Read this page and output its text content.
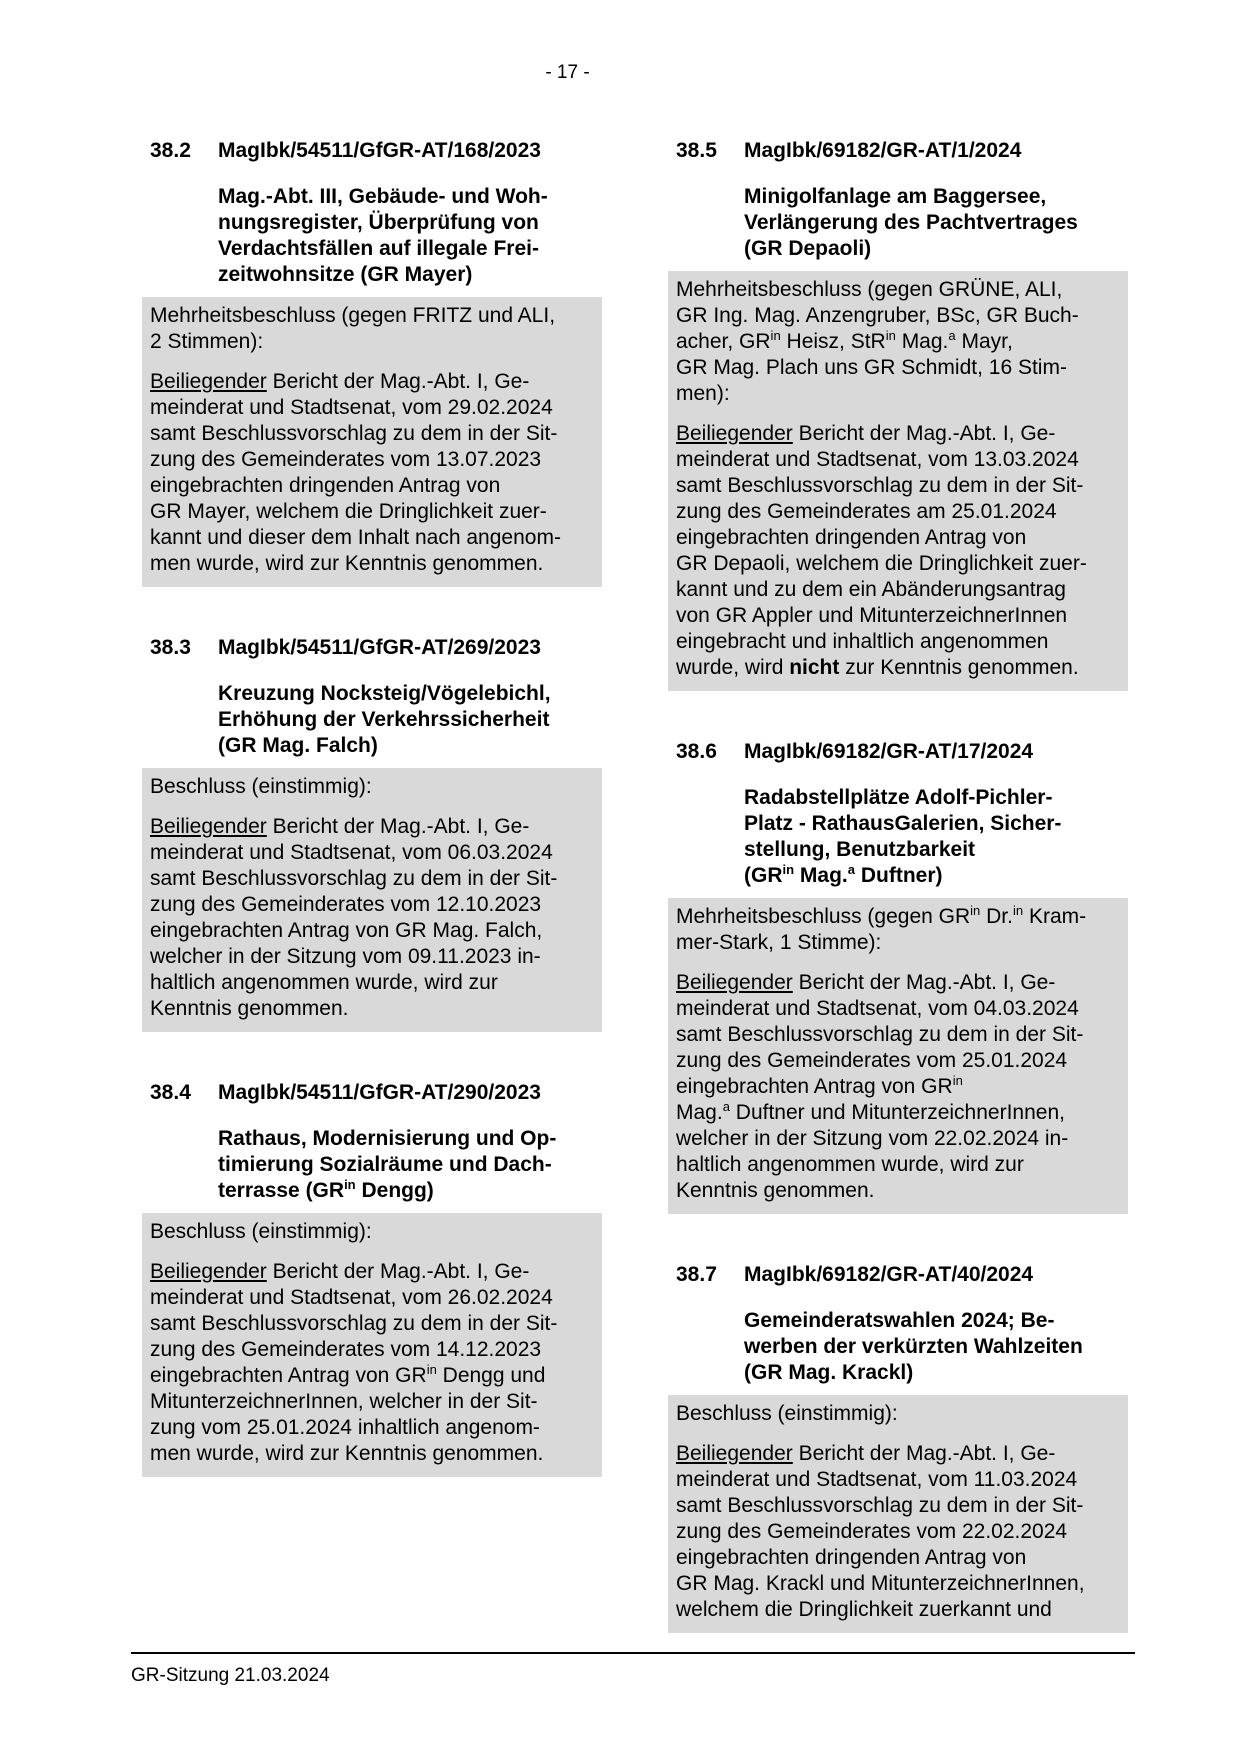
- 17 -
38.2	MagIbk/54511/GfGR-AT/168/2023
Mag.-Abt. III, Gebäude- und Woh-
nungsregister, Überprüfung von
Verdachtsfällen auf illegale Frei-
zeitwohnsitze (GR Mayer)
Mehrheitsbeschluss (gegen FRITZ und ALI,
2 Stimmen):
Beiliegender Bericht der Mag.-Abt. I, Ge-
meinderat und Stadtsenat, vom 29.02.2024
samt Beschlussvorschlag zu dem in der Sit-
zung des Gemeinderates vom 13.07.2023
eingebrachten dringenden Antrag von
GR Mayer, welchem die Dringlichkeit zuer-
kannt und dieser dem Inhalt nach angenom-
men wurde, wird zur Kenntnis genommen.
38.3	MagIbk/54511/GfGR-AT/269/2023
Kreuzung Nocksteig/Vögelebichl,
Erhöhung der Verkehrssicherheit
(GR Mag. Falch)
Beschluss (einstimmig):
Beiliegender Bericht der Mag.-Abt. I, Ge-
meinderat und Stadtsenat, vom 06.03.2024
samt Beschlussvorschlag zu dem in der Sit-
zung des Gemeinderates vom 12.10.2023
eingebrachten Antrag von GR Mag. Falch,
welcher in der Sitzung vom 09.11.2023 in-
haltlich angenommen wurde, wird zur
Kenntnis genommen.
38.4	MagIbk/54511/GfGR-AT/290/2023
Rathaus, Modernisierung und Op-
timierung Sozialräume und Dach-
terrasse ($GR^{in}$ Dengg)
Beschluss (einstimmig):
Beiliegender Bericht der Mag.-Abt. I, Ge-
meinderat und Stadtsenat, vom 26.02.2024
samt Beschlussvorschlag zu dem in der Sit-
zung des Gemeinderates vom 14.12.2023
eingebrachten Antrag von $GR^{in}$ Dengg und
MitunterzeichnerInnen, welcher in der Sit-
zung vom 25.01.2024 inhaltlich angenom-
men wurde, wird zur Kenntnis genommen.
38.5	MagIbk/69182/GR-AT/1/2024
Minigolfanlage am Baggersee,
Verlängerung des Pachtvertrages
(GR Depaoli)
Mehrheitsbeschluss (gegen GRÜNE, ALI,
GR Ing. Mag. Anzengruber, BSc, GR Buch-
acher, $GR^{in}$ Heisz, StR$^{in}$ Mag.$^a$ Mayr,
GR Mag. Plach uns GR Schmidt, 16 Stim-
men):
Beiliegender Bericht der Mag.-Abt. I, Ge-
meinderat und Stadtsenat, vom 13.03.2024
samt Beschlussvorschlag zu dem in der Sit-
zung des Gemeinderates am 25.01.2024
eingebrachten dringenden Antrag von
GR Depaoli, welchem die Dringlichkeit zuer-
kannt und zu dem ein Abänderungsantrag
von GR Appler und MitunterzeichnerInnen
eingebracht und inhaltlich angenommen
wurde, wird nicht zur Kenntnis genommen.
38.6	MagIbk/69182/GR-AT/17/2024
Radabstellplätze Adolf-Pichler-
Platz - RathausGalerien, Sicher-
stellung, Benutzbarkeit
($GR^{in}$ Mag.$^a$ Duftner)
Mehrheitsbeschluss (gegen $GR^{in}$ Dr.$^{in}$ Kram-
mer-Stark, 1 Stimme):
Beiliegender Bericht der Mag.-Abt. I, Ge-
meinderat und Stadtsenat, vom 04.03.2024
samt Beschlussvorschlag zu dem in der Sit-
zung des Gemeinderates vom 25.01.2024
eingebrachten Antrag von $GR^{in}$
Mag.$^a$ Duftner und MitunterzeichnerInnen,
welcher in der Sitzung vom 22.02.2024 in-
haltlich angenommen wurde, wird zur
Kenntnis genommen.
38.7	MagIbk/69182/GR-AT/40/2024
Gemeinderatswahlen 2024; Be-
werben der verkürzten Wahlzeiten
(GR Mag. Krackl)
Beschluss (einstimmig):
Beiliegender Bericht der Mag.-Abt. I, Ge-
meinderat und Stadtsenat, vom 11.03.2024
samt Beschlussvorschlag zu dem in der Sit-
zung des Gemeinderates vom 22.02.2024
eingebrachten dringenden Antrag von
GR Mag. Krackl und MitunterzeichnerInnen,
welchem die Dringlichkeit zuerkannt und
GR-Sitzung 21.03.2024
